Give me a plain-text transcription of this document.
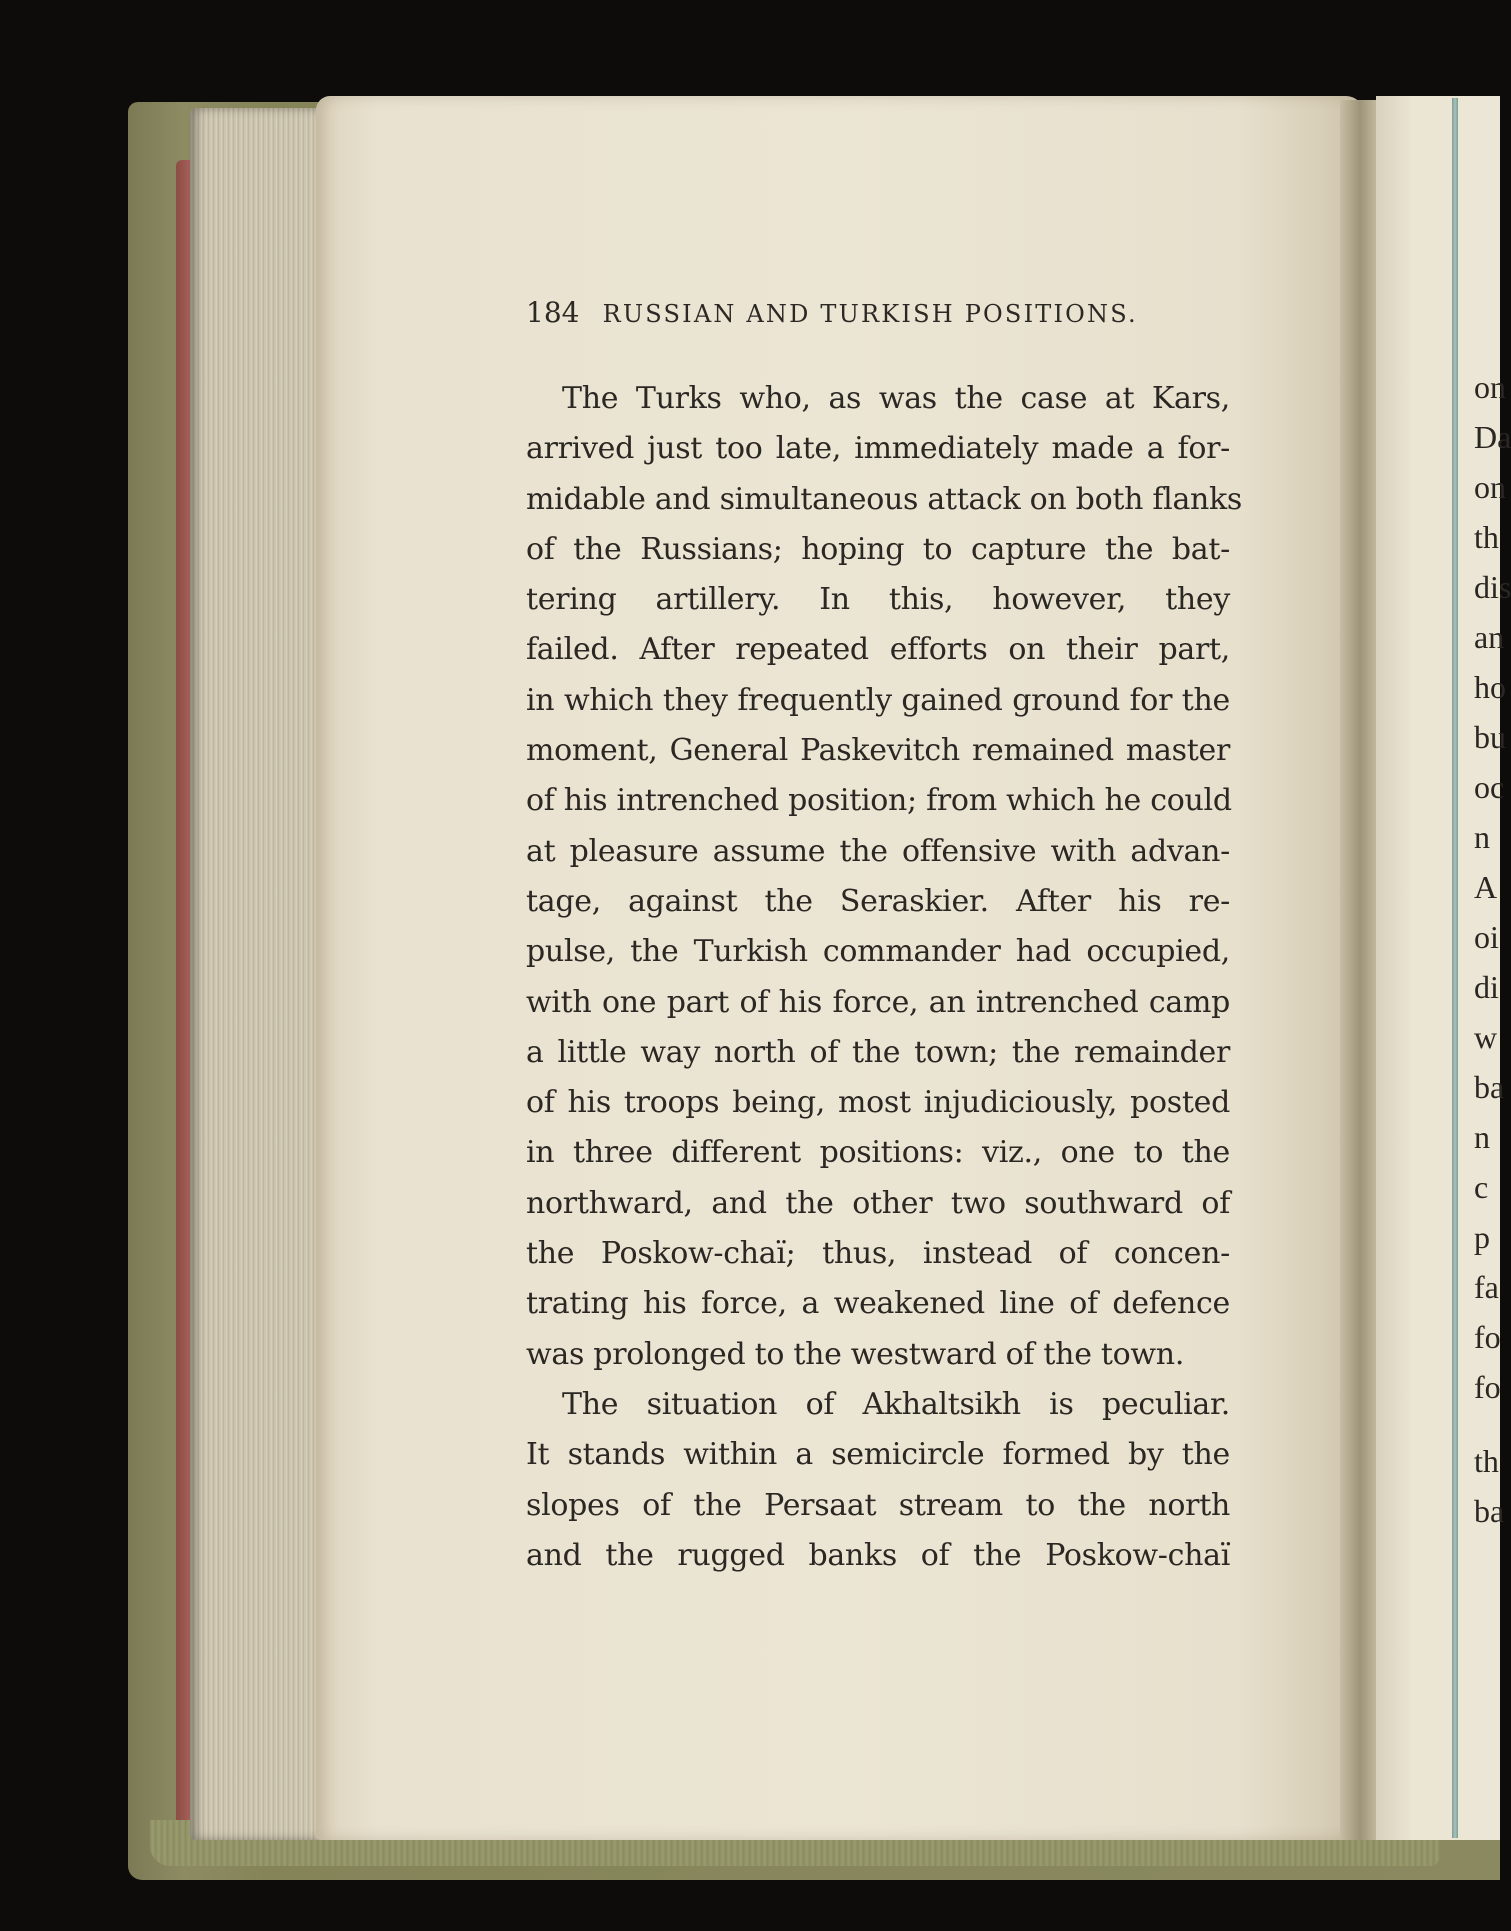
on
Da
on
th
dis
an
ho
bu
oc
n
A
oi
di
w
ba
n
c
p
fa
fo
fo
th
ba
184 RUSSIAN AND TURKISH POSITIONS.
The Turks who, as was the case at Kars,
arrived just too late, immediately made a for-
midable and simultaneous attack on both flanks
of the Russians; hoping to capture the bat-
tering artillery. In this, however, they
failed. After repeated efforts on their part,
in which they frequently gained ground for the
moment, General Paskevitch remained master
of his intrenched position; from which he could
at pleasure assume the offensive with advan-
tage, against the Seraskier. After his re-
pulse, the Turkish commander had occupied,
with one part of his force, an intrenched camp
a little way north of the town; the remainder
of his troops being, most injudiciously, posted
in three different positions: viz., one to the
northward, and the other two southward of
the Poskow-chaï; thus, instead of concen-
trating his force, a weakened line of defence
was prolonged to the westward of the town.
The situation of Akhaltsikh is peculiar.
It stands within a semicircle formed by the
slopes of the Persaat stream to the north
and the rugged banks of the Poskow-chaï
